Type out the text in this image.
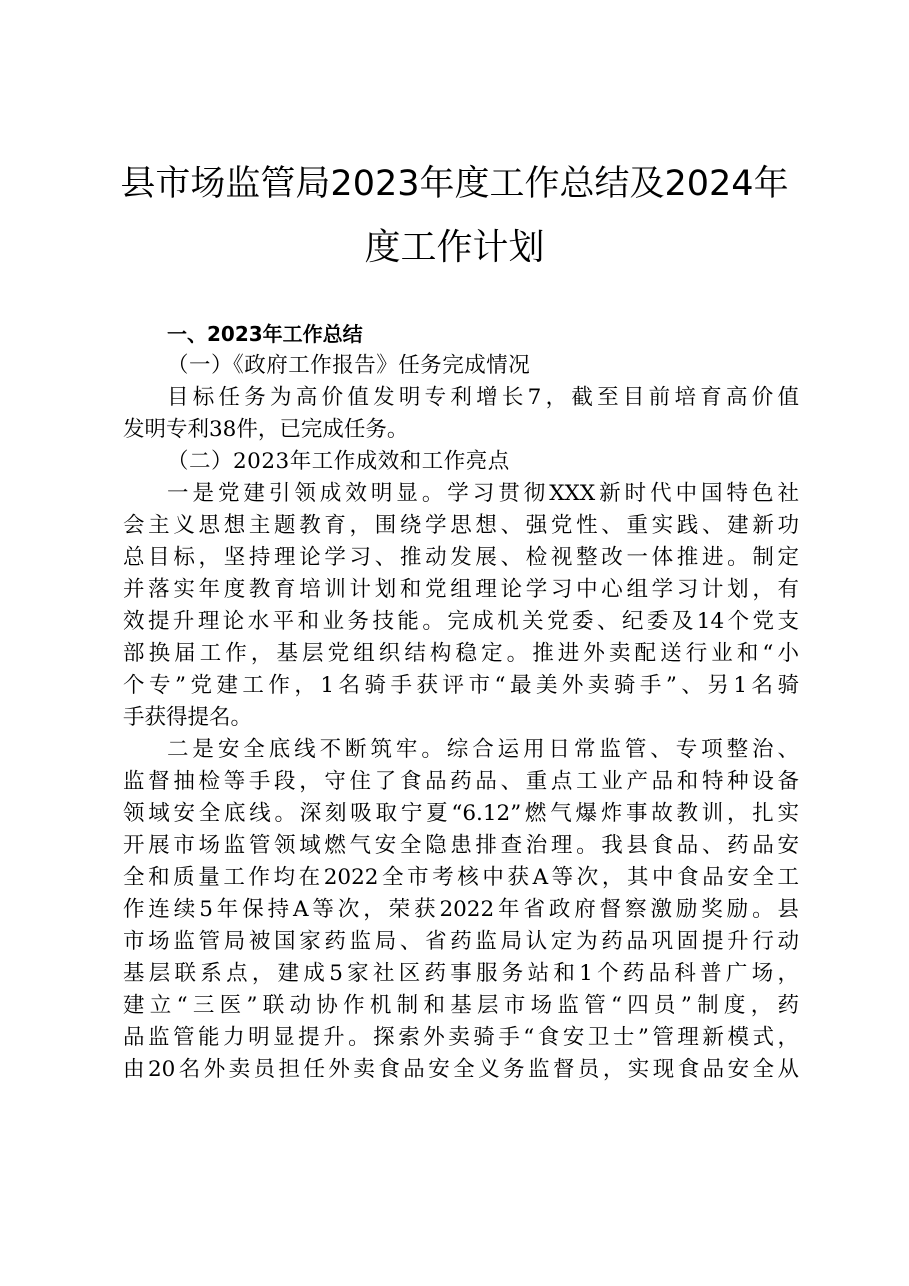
县市场监管局2023年度工作总结及2024年
度工作计划
一、2023年工作总结
（一）《政府工作报告》任务完成情况
目标任务为高价值发明专利增长7，截至目前培育高价值
发明专利38件，已完成任务。
（二）2023年工作成效和工作亮点
一是党建引领成效明显。学习贯彻XXX新时代中国特色社
会主义思想主题教育，围绕学思想、强党性、重实践、建新功
总目标，坚持理论学习、推动发展、检视整改一体推进。制定
并落实年度教育培训计划和党组理论学习中心组学习计划，有
效提升理论水平和业务技能。完成机关党委、纪委及14个党支
部换届工作，基层党组织结构稳定。推进外卖配送行业和“小
个专”党建工作，1名骑手获评市“最美外卖骑手”、另1名骑
手获得提名。
二是安全底线不断筑牢。综合运用日常监管、专项整治、
监督抽检等手段，守住了食品药品、重点工业产品和特种设备
领域安全底线。深刻吸取宁夏“6.12”燃气爆炸事故教训，扎实
开展市场监管领域燃气安全隐患排查治理。我县食品、药品安
全和质量工作均在2022全市考核中获A等次，其中食品安全工
作连续5年保持A等次，荣获2022年省政府督察激励奖励。县
市场监管局被国家药监局、省药监局认定为药品巩固提升行动
基层联系点，建成5家社区药事服务站和1个药品科普广场，
建立“三医”联动协作机制和基层市场监管“四员”制度，药
品监管能力明显提升。探索外卖骑手“食安卫士”管理新模式，
由20名外卖员担任外卖食品安全义务监督员，实现食品安全从
